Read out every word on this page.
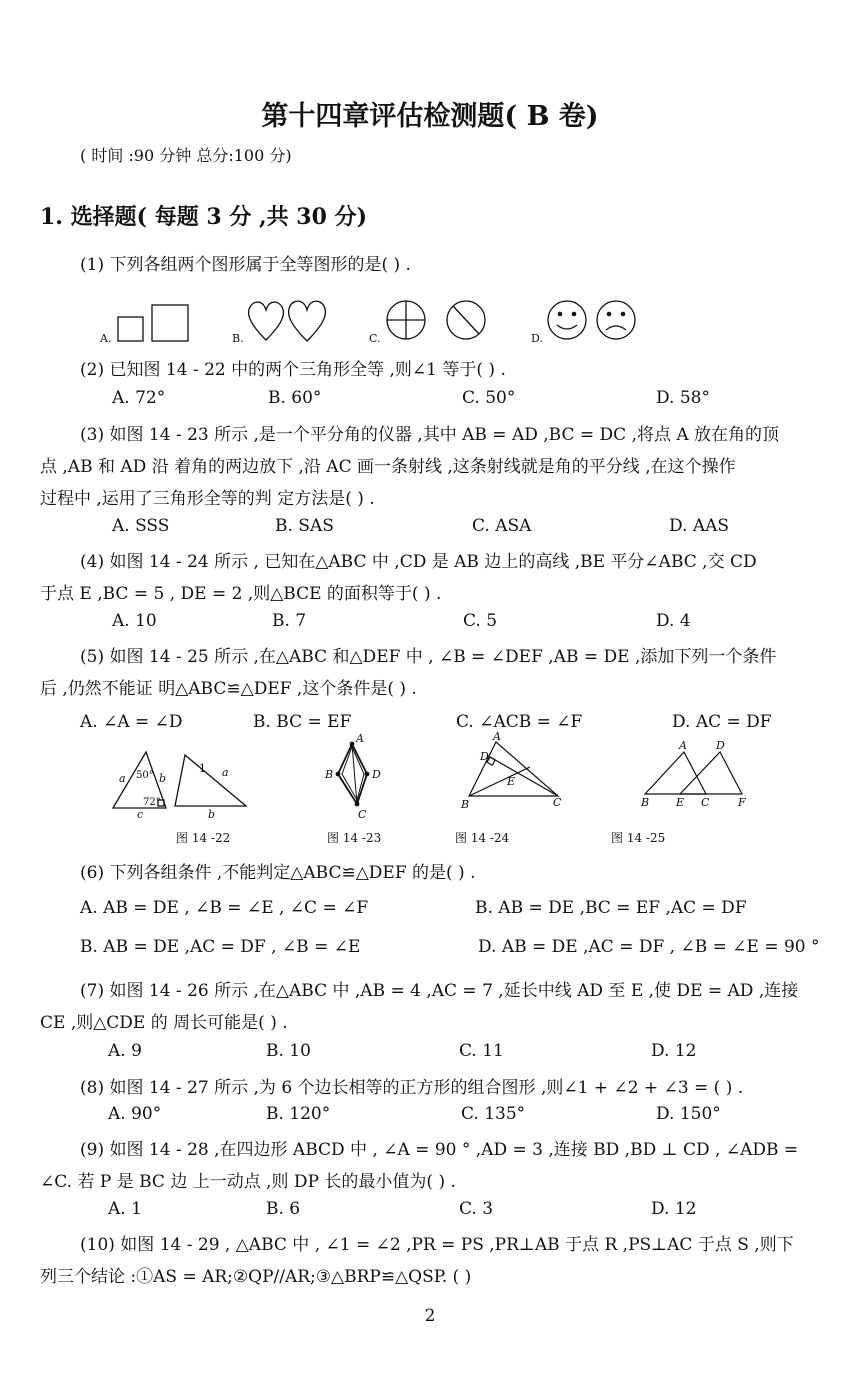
第十四章评估检测题( B 卷)
( 时间 :90 分钟 总分:100 分)
1. 选择题( 每题 3 分 ,共 30 分)
(1) 下列各组两个图形属于全等图形的是( ) .
A.	B.	C.	D.
(2) 已知图 14 - 22 中的两个三角形全等 ,则∠1 等于( ) .
A. 72°	B. 60°	C. 50°	D. 58°
(3) 如图 14 - 23 所示 ,是一个平分角的仪器 ,其中 AB = AD ,BC = DC ,将点 A 放在角的顶
点 ,AB 和 AD 沿 着角的两边放下 ,沿 AC 画一条射线 ,这条射线就是角的平分线 ,在这个操作
过程中 ,运用了三角形全等的判 定方法是( ) .
A. SSS	B. SAS	C. ASA	D. AAS
(4) 如图 14 - 24 所示 , 已知在△ABC 中 ,CD 是 AB 边上的高线 ,BE 平分∠ABC ,交 CD
于点 E ,BC = 5 , DE = 2 ,则△BCE 的面积等于( ) .
A. 10	B. 7	C. 5	D. 4
(5) 如图 14 - 25 所示 ,在△ABC 和△DEF 中 , ∠B = ∠DEF ,AB = DE ,添加下列一个条件
后 ,仍然不能证 明△ABC≌△DEF ,这个条件是( ) .
A. ∠A = ∠D	B. BC = EF	C. ∠ACB = ∠F	D. AC = DF
a 50° b
72°
c
1 a
b
A
B	D
C
A
D
E
B	C
A	D
B E C	F
图 14 -22	图 14 -23	图 14 -24	图 14 -25
(6) 下列各组条件 ,不能判定△ABC≌△DEF 的是( ) .
A. AB = DE , ∠B = ∠E , ∠C = ∠F	B. AB = DE ,BC = EF ,AC = DF
B. AB = DE ,AC = DF , ∠B = ∠E	D. AB = DE ,AC = DF , ∠B = ∠E = 90 °
(7) 如图 14 - 26 所示 ,在△ABC 中 ,AB = 4 ,AC = 7 ,延长中线 AD 至 E ,使 DE = AD ,连接
CE ,则△CDE 的 周长可能是( ) .
A. 9	B. 10	C. 11	D. 12
(8) 如图 14 - 27 所示 ,为 6 个边长相等的正方形的组合图形 ,则∠1 + ∠2 + ∠3 = ( ) .
A. 90°	B. 120°	C. 135°	D. 150°
(9) 如图 14 - 28 ,在四边形 ABCD 中 , ∠A = 90 ° ,AD = 3 ,连接 BD ,BD ⊥ CD , ∠ADB =
∠C. 若 P 是 BC 边 上一动点 ,则 DP 长的最小值为( ) .
A. 1	B. 6	C. 3	D. 12
(10) 如图 14 - 29 , △ABC 中 , ∠1 = ∠2 ,PR = PS ,PR⊥AB 于点 R ,PS⊥AC 于点 S ,则下
列三个结论 :①AS = AR;②QP//AR;③△BRP≌△QSP. ( )
2
